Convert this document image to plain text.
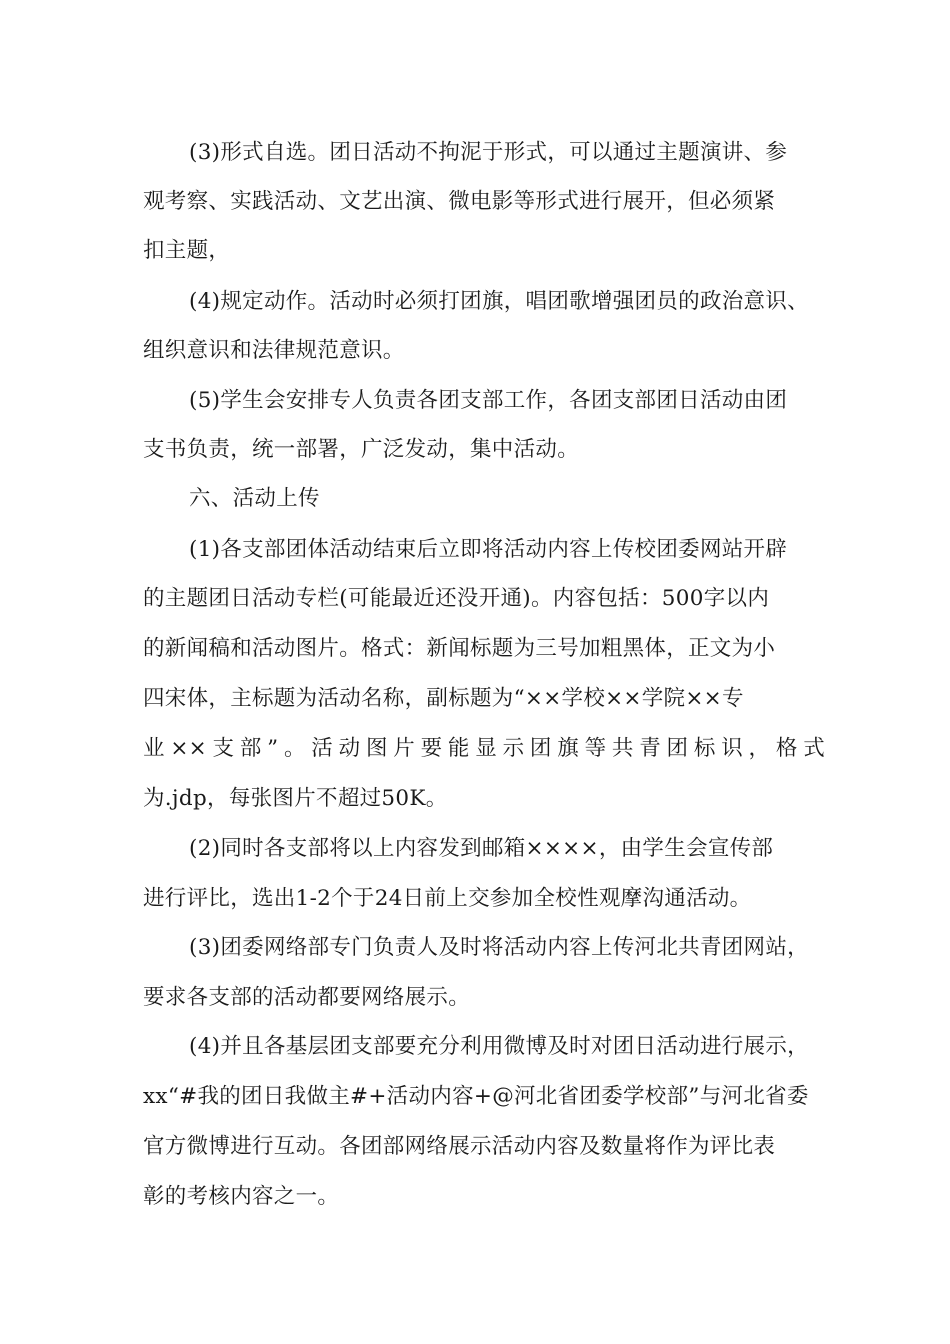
(3)形式自选。团日活动不拘泥于形式，可以通过主题演讲、参
观考察、实践活动、文艺出演、微电影等形式进行展开，但必须紧
扣主题，
(4)规定动作。活动时必须打团旗，唱团歌增强团员的政治意识、
组织意识和法律规范意识。
(5)学生会安排专人负责各团支部工作，各团支部团日活动由团
支书负责，统一部署，广泛发动，集中活动。
六、活动上传
(1)各支部团体活动结束后立即将活动内容上传校团委网站开辟
的主题团日活动专栏(可能最近还没开通)。内容包括：500字以内
的新闻稿和活动图片。格式：新闻标题为三号加粗黑体，正文为小
四宋体，主标题为活动名称，副标题为“××学校××学院××专
业××支部”。活动图片要能显示团旗等共青团标识，格式
为.jdp，每张图片不超过50K。
(2)同时各支部将以上内容发到邮箱××××，由学生会宣传部
进行评比，选出1-2个于24日前上交参加全校性观摩沟通活动。
(3)团委网络部专门负责人及时将活动内容上传河北共青团网站，
要求各支部的活动都要网络展示。
(4)并且各基层团支部要充分利用微博及时对团日活动进行展示，
xx“#我的团日我做主#+活动内容+@河北省团委学校部”与河北省委
官方微博进行互动。各团部网络展示活动内容及数量将作为评比表
彰的考核内容之一。
